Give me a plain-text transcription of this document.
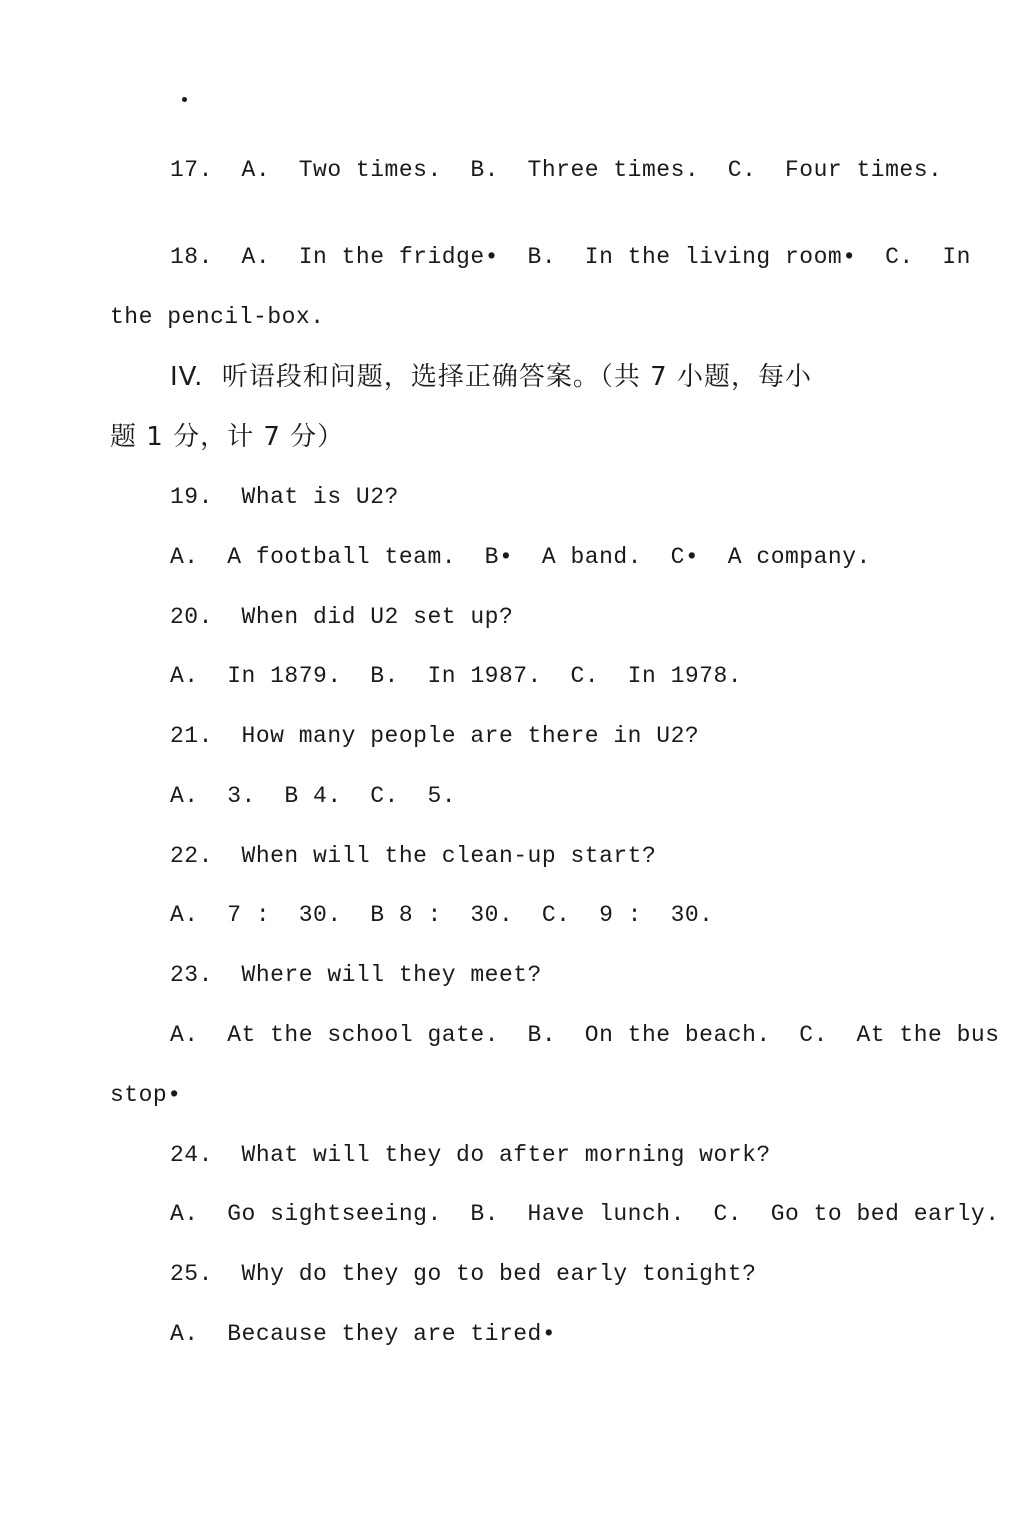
17.  A.  Two times.  B.  Three times.  C.  Four times.
18.  A.  In the fridge•  B.  In the living room•  C.  In
the pencil-box.
IV.  听语段和问题，选择正确答案。（共 7 小题，每小
题 1 分，计 7 分）
19.  What is U2?
A.  A football team.  B•  A band.  C•  A company.
20.  When did U2 set up?
A.  In 1879.  B.  In 1987.  C.  In 1978.
21.  How many people are there in U2?
A.  3.  B 4.  C.  5.
22.  When will the clean-up start?
A.  7 :  30.  B 8 :  30.  C.  9 :  30.
23.  Where will they meet?
A.  At the school gate.  B.  On the beach.  C.  At the bus
stop•
24.  What will they do after morning work?
A.  Go sightseeing.  B.  Have lunch.  C.  Go to bed early.
25.  Why do they go to bed early tonight?
A.  Because they are tired•
